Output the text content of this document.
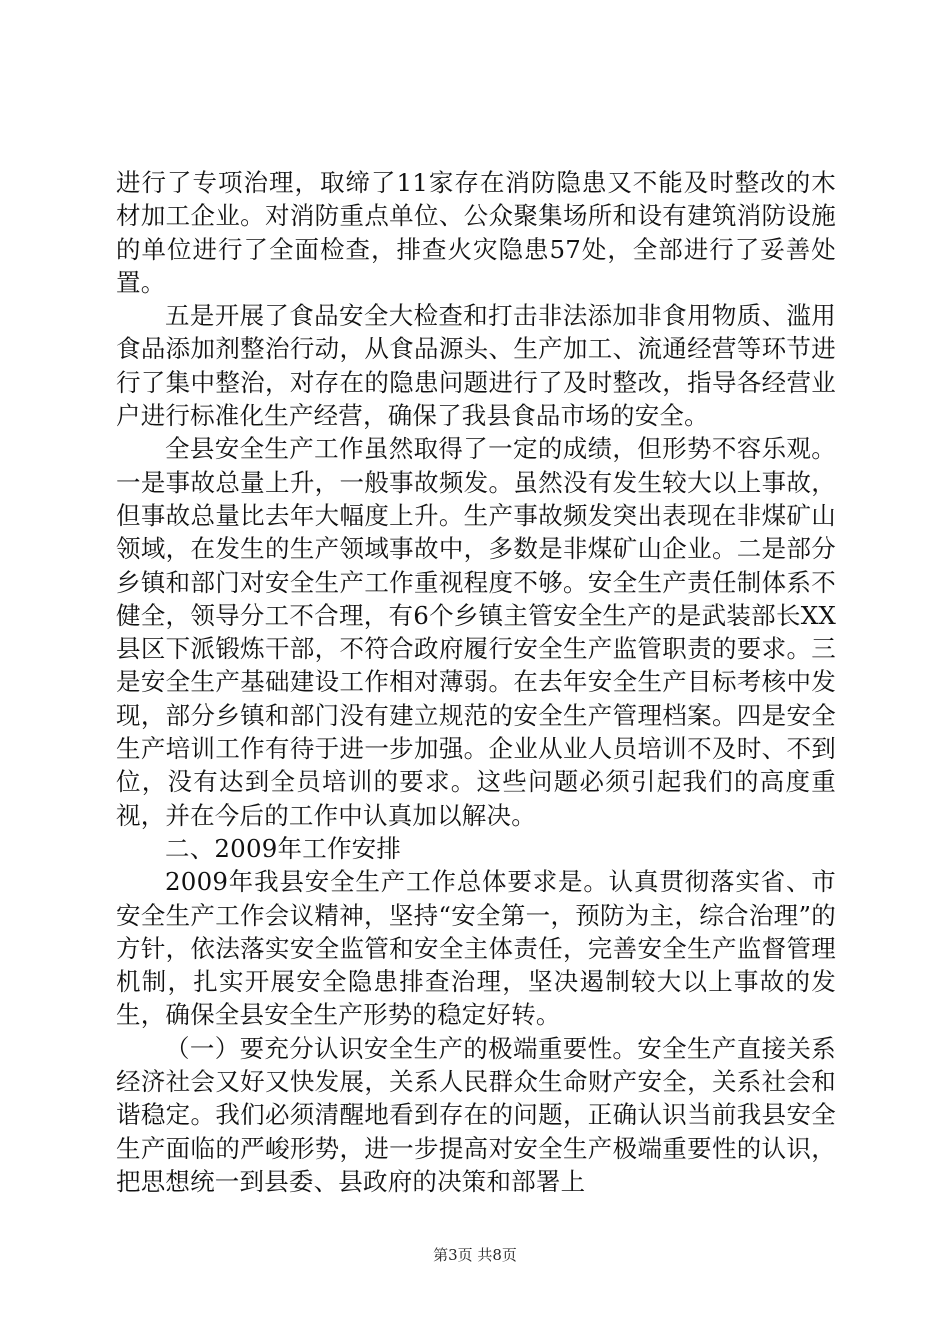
进行了专项治理，取缔了11家存在消防隐患又不能及时整改的木材加工企业。对消防重点单位、公众聚集场所和设有建筑消防设施的单位进行了全面检查，排查火灾隐患57处，全部进行了妥善处置。

五是开展了食品安全大检查和打击非法添加非食用物质、滥用食品添加剂整治行动，从食品源头、生产加工、流通经营等环节进行了集中整治，对存在的隐患问题进行了及时整改，指导各经营业户进行标准化生产经营，确保了我县食品市场的安全。

全县安全生产工作虽然取得了一定的成绩，但形势不容乐观。一是事故总量上升，一般事故频发。虽然没有发生较大以上事故，但事故总量比去年大幅度上升。生产事故频发突出表现在非煤矿山领域，在发生的生产领域事故中，多数是非煤矿山企业。二是部分乡镇和部门对安全生产工作重视程度不够。安全生产责任制体系不健全，领导分工不合理，有6个乡镇主管安全生产的是武装部长XX县区下派锻炼干部，不符合政府履行安全生产监管职责的要求。三是安全生产基础建设工作相对薄弱。在去年安全生产目标考核中发现，部分乡镇和部门没有建立规范的安全生产管理档案。四是安全生产培训工作有待于进一步加强。企业从业人员培训不及时、不到位，没有达到全员培训的要求。这些问题必须引起我们的高度重视，并在今后的工作中认真加以解决。

二、2009年工作安排

2009年我县安全生产工作总体要求是。认真贯彻落实省、市安全生产工作会议精神，坚持“安全第一，预防为主，综合治理”的方针，依法落实安全监管和安全主体责任，完善安全生产监督管理机制，扎实开展安全隐患排查治理，坚决遏制较大以上事故的发生，确保全县安全生产形势的稳定好转。

（一）要充分认识安全生产的极端重要性。安全生产直接关系经济社会又好又快发展，关系人民群众生命财产安全，关系社会和谐稳定。我们必须清醒地看到存在的问题，正确认识当前我县安全生产面临的严峻形势，进一步提高对安全生产极端重要性的认识，把思想统一到县委、县政府的决策和部署上

第3页 共8页
